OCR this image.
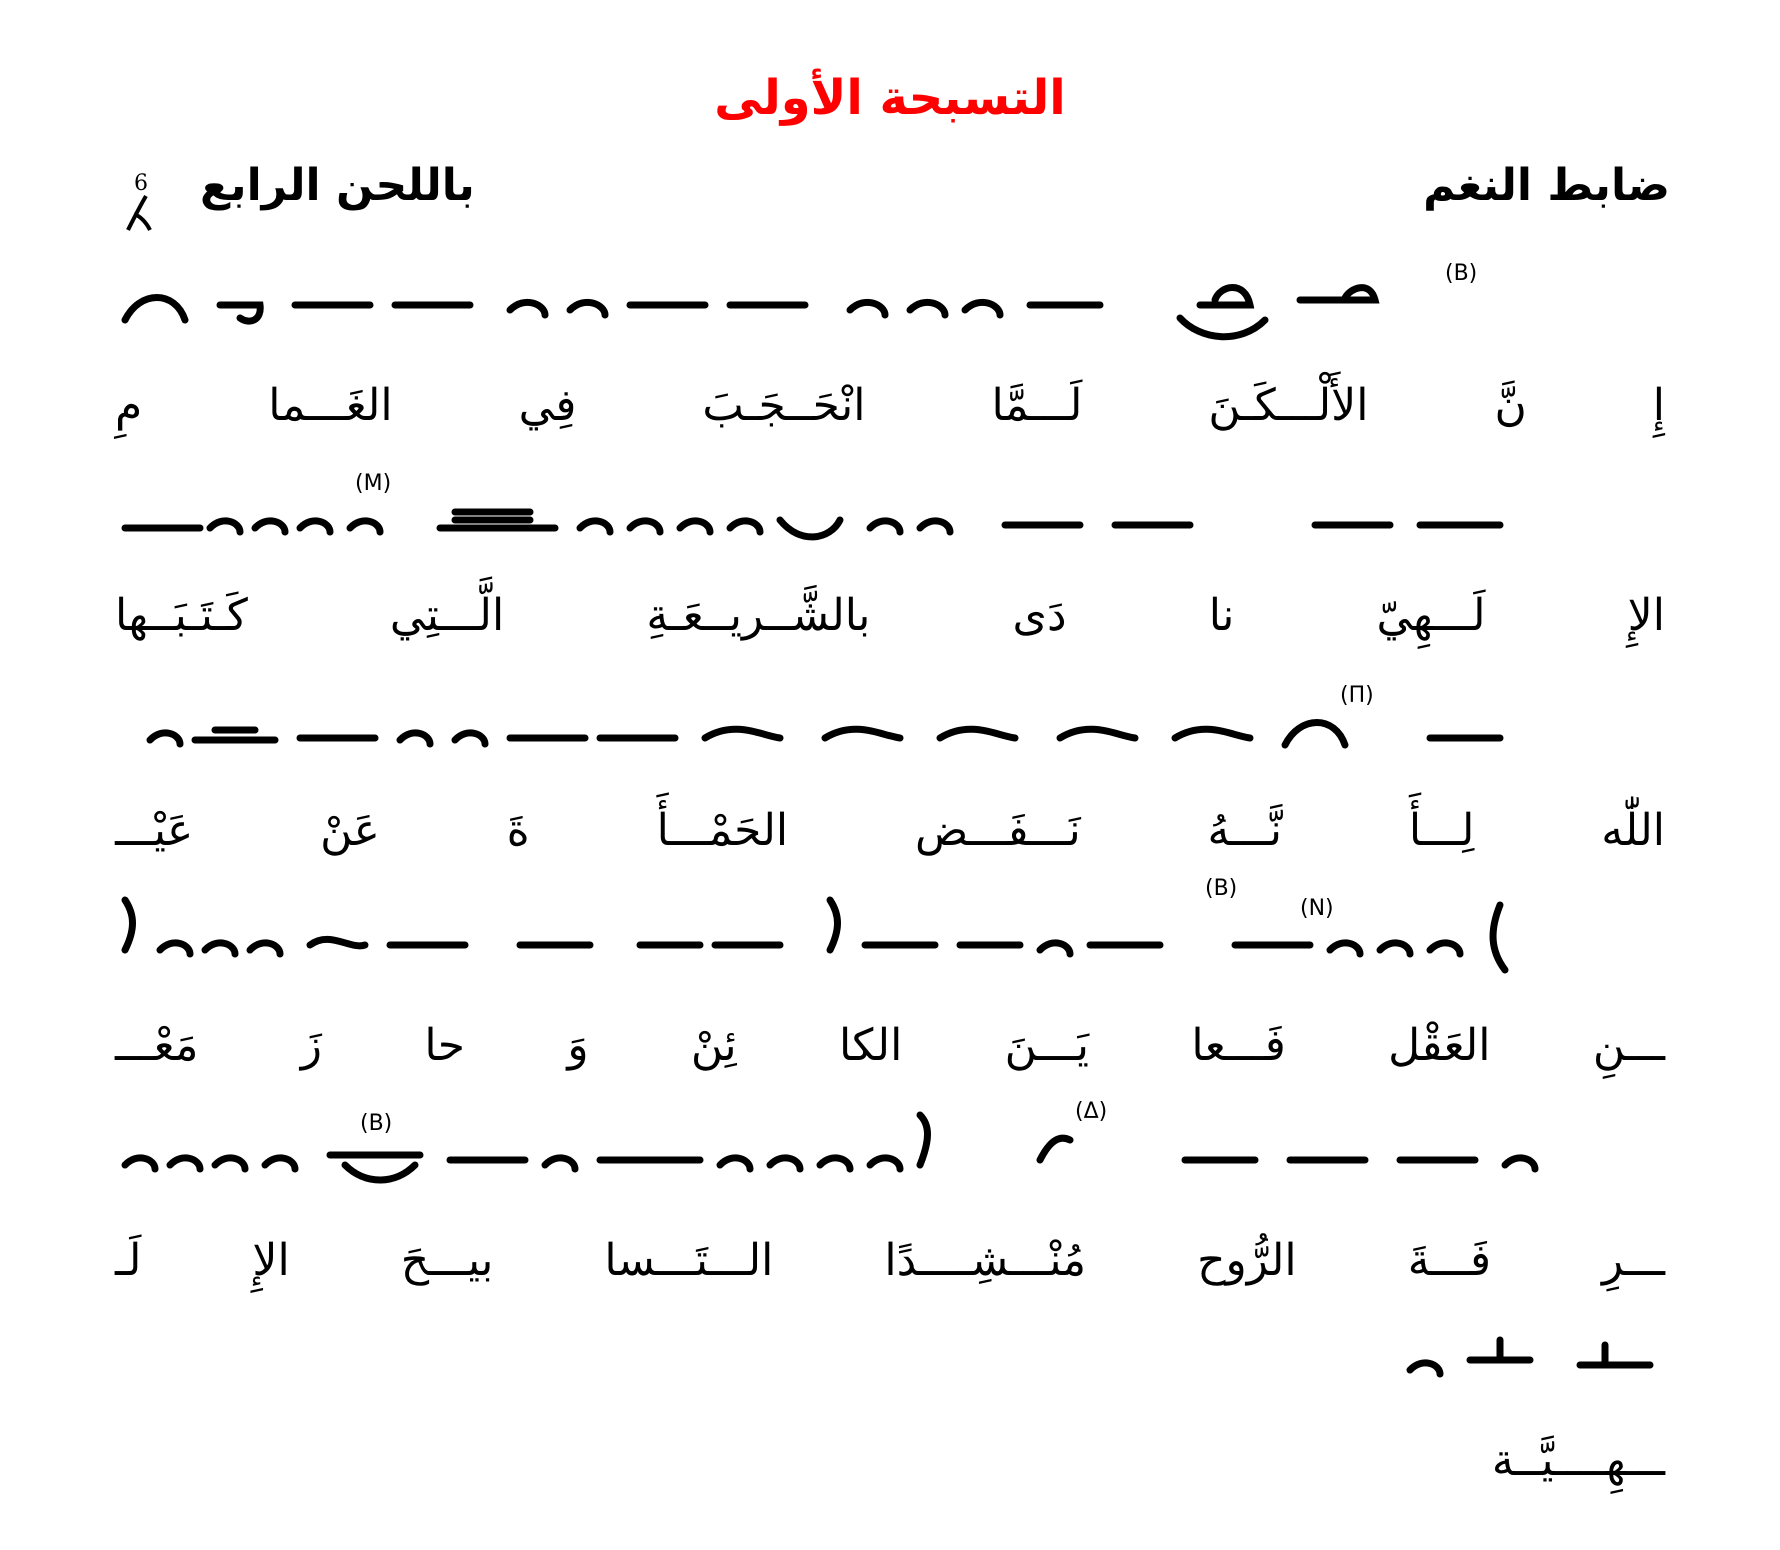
التسبحة الأولى
ضابط النغم
باللحن الرابع
6
(B)
(M)
(Π)
(B)
(N)
(Δ)
(B)
إِ
نَّ
الأَلْـــكَـنَ
لَـــمَّا
انْحَــجَـبَ
فِي
الغَـــما
مِ
الإِ
لَـــهِيّ
نا
دَى
بالشَّــريــعَـةِ
الَّـــتِي
كَـتَـبَــها
اللّٰه
لِـــأَ
نَّـــهُ
نَـــفَـــض
الحَمْـــأَ
ةَ
عَنْ
عَيْـــ
ـــنِ
العَقْل
فَـــعا
يَـــنَ
الكا
ئِنْ
وَ
حا
زَ
مَعْـــ
ـــرِ
فَـــةَ
الرُّوح
مُنْـــشِــــدًا
الـــتَـــسا
بيـــحَ
الإِ
لَـ
ـــهِــــيَّــة
